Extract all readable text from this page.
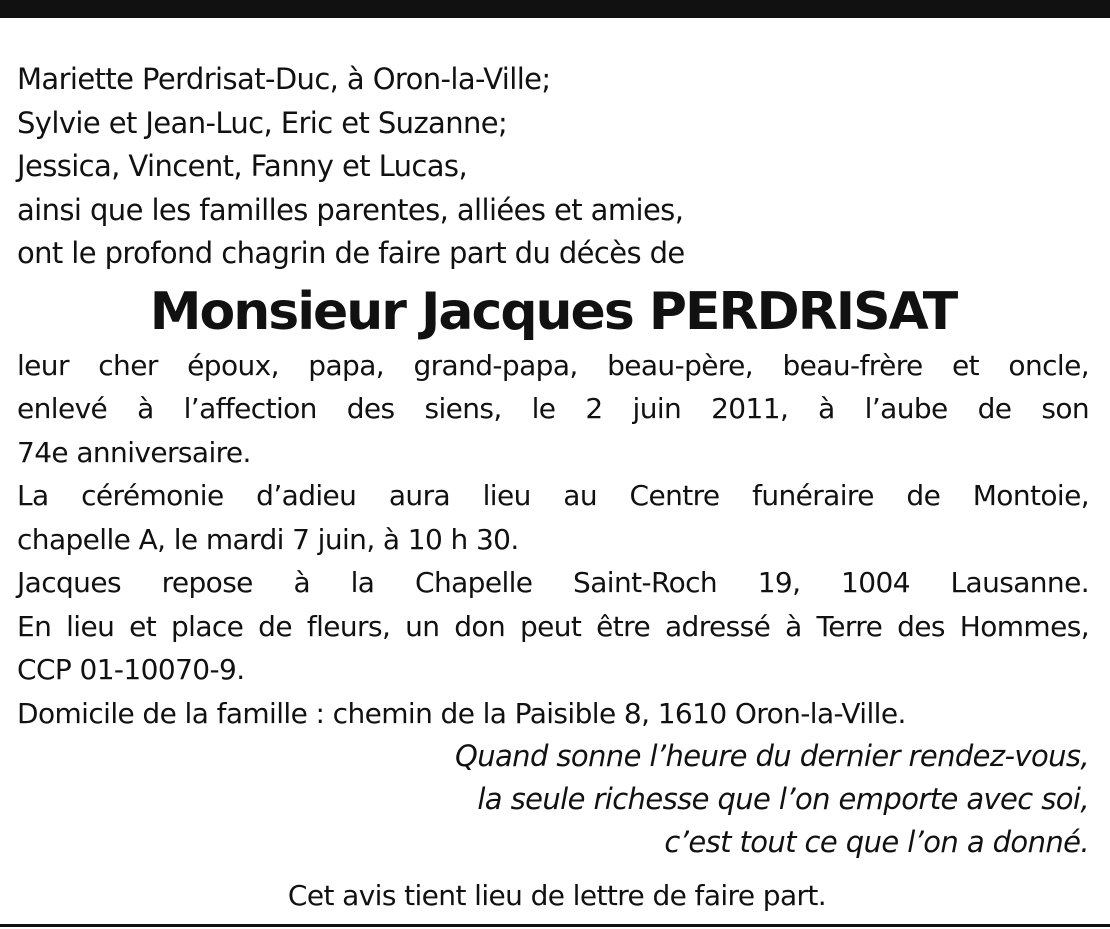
Mariette Perdrisat-Duc, à Oron-la-Ville;
Sylvie et Jean-Luc, Eric et Suzanne;
Jessica, Vincent, Fanny et Lucas,
ainsi que les familles parentes, alliées et amies,
ont le profond chagrin de faire part du décès de
Monsieur Jacques PERDRISAT
leur cher époux, papa, grand-papa, beau-père, beau-frère et oncle,
enlevé à l’affection des siens, le 2 juin 2011, à l’aube de son
74e anniversaire.
La cérémonie d’adieu aura lieu au Centre funéraire de Montoie,
chapelle A, le mardi 7 juin, à 10 h 30.
Jacques repose à la Chapelle Saint-Roch 19, 1004 Lausanne.
En lieu et place de fleurs, un don peut être adressé à Terre des Hommes,
CCP 01-10070-9.
Domicile de la famille : chemin de la Paisible 8, 1610 Oron-la-Ville.
Quand sonne l’heure du dernier rendez-vous,
la seule richesse que l’on emporte avec soi,
c’est tout ce que l’on a donné.
Cet avis tient lieu de lettre de faire part.
